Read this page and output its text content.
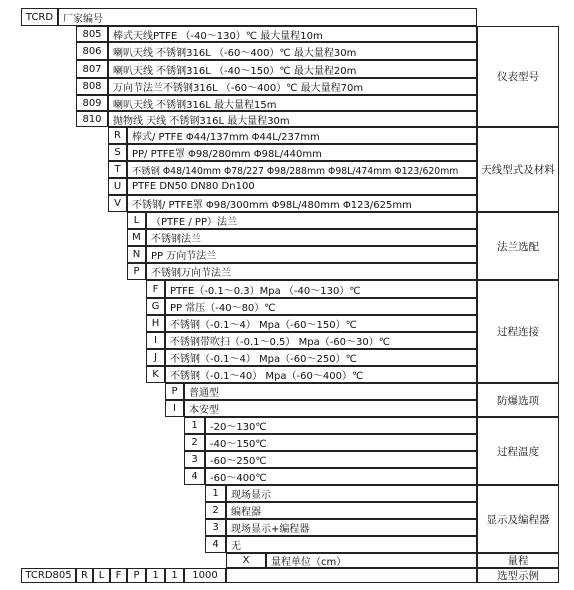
TCRD 厂家编号
805	棒式天线PTFE （-40～130）℃ 最大量程10m
806	喇叭天线 不锈钢316L （-60～400）℃ 最大量程30m
807	喇叭天线 不锈钢316L （-40～150）℃ 最大量程20m
808	万向节法兰不锈钢316L （-60～400）℃ 最大量程70m
809	喇叭天线 不锈钢316L 最大量程15m
810	抛物线 天线 不锈钢316L 最大量程30m
仪表型号
R	棒式/ PTFE Φ44/137mm Φ44L/237mm
S	PP/ PTFE罩 Φ98/280mm Φ98L/440mm
T	不锈钢 Φ48/140mm Φ78/227 Φ98/288mm Φ98L/474mm Φ123/620mm
U	PTFE DN50 DN80 Dn100
V	不锈钢/ PTFE罩 Φ98/300mm Φ98L/480mm Φ123/625mm
天线型式及材料
L	（PTFE / PP）法兰
M	不锈钢法兰
N	PP 万向节法兰
P	不锈钢万向节法兰
法兰选配
F	PTFE（-0.1～0.3）Mpa （-40～130）℃
G	PP 常压（-40～80）℃
H	不锈钢（-0.1～4） Mpa（-60～150）℃
I	不锈钢带吹扫（-0.1～0.5） Mpa（-60～30）℃
J	不锈钢（-0.1～4） Mpa（-60～250）℃
K	不锈钢（-0.1～40） Mpa（-60～400）℃
过程连接
P	普通型
I	本安型
防爆选项
1	-20～130℃
2	-40～150℃
3	-60～250℃
4	-60～400℃
过程温度
1	现场显示
2	编程器
3	现场显示+编程器
4	无
显示及编程器
X	量程单位（cm）	量程
TCRD805 R	L	F	P	1	1	1000	选型示例
